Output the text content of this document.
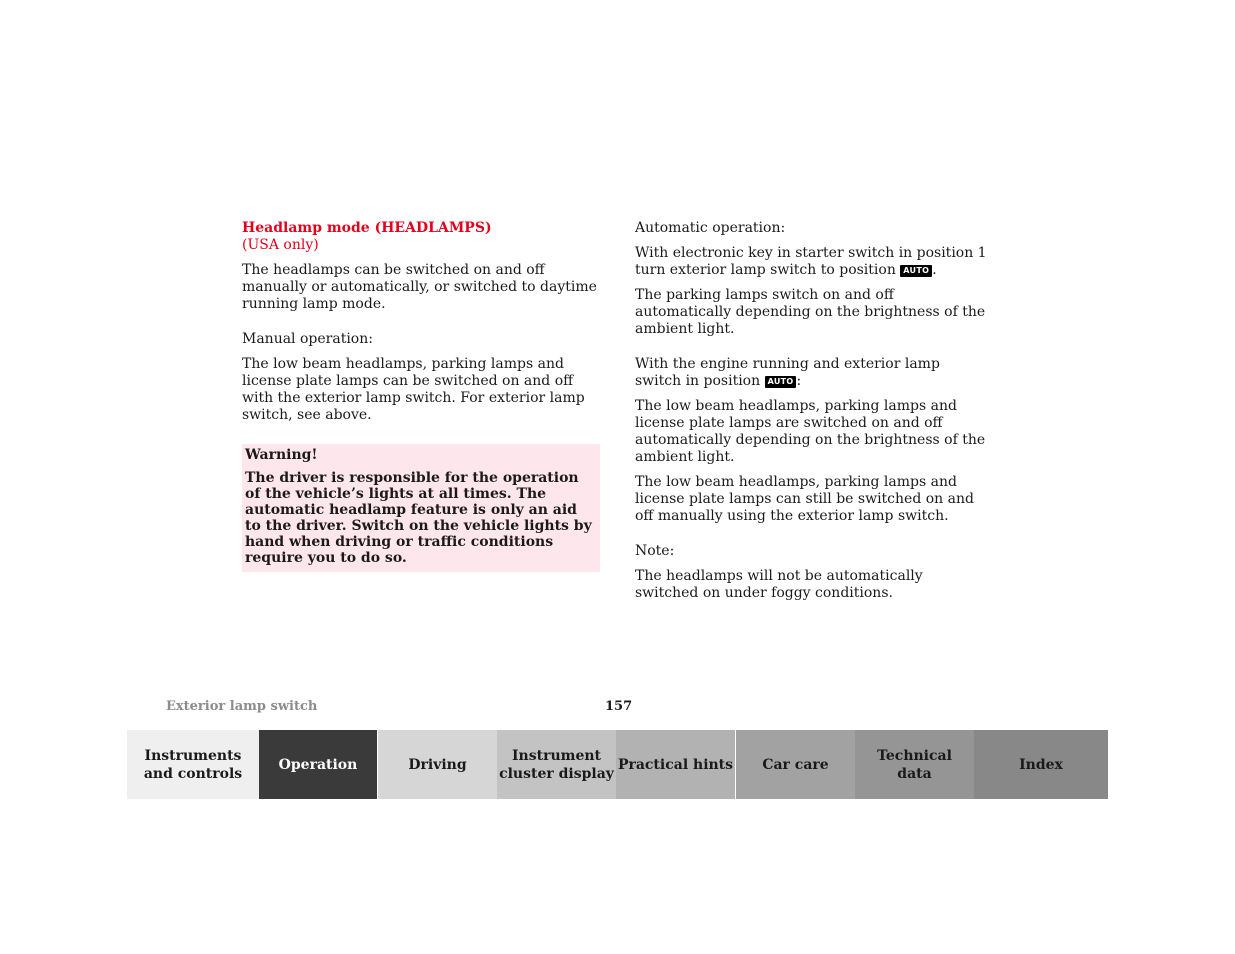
Headlamp mode (HEADLAMPS)

(USA only)

The headlamps can be switched on and off manually or automatically, or switched to daytime running lamp mode.

Manual operation:

The low beam headlamps, parking lamps and license plate lamps can be switched on and off with the exterior lamp switch. For exterior lamp switch, see above.

Warning!

The driver is responsible for the operation of the vehicle’s lights at all times. The automatic headlamp feature is only an aid to the driver. Switch on the vehicle lights by hand when driving or traffic conditions require you to do so.

Automatic operation:

With electronic key in starter switch in position 1 turn exterior lamp switch to position AUTO .

The parking lamps switch on and off automatically depending on the brightness of the ambient light.

With the engine running and exterior lamp switch in position AUTO :

The low beam headlamps, parking lamps and license plate lamps are switched on and off automatically depending on the brightness of the ambient light.

The low beam headlamps, parking lamps and license plate lamps can still be switched on and off manually using the exterior lamp switch.

Note:

The headlamps will not be automatically switched on under foggy conditions.

Exterior lamp switch	157
Instruments
and controls
Operation	Driving
Instrument
cluster display
Practical hints Car care
Technical
data
Index
